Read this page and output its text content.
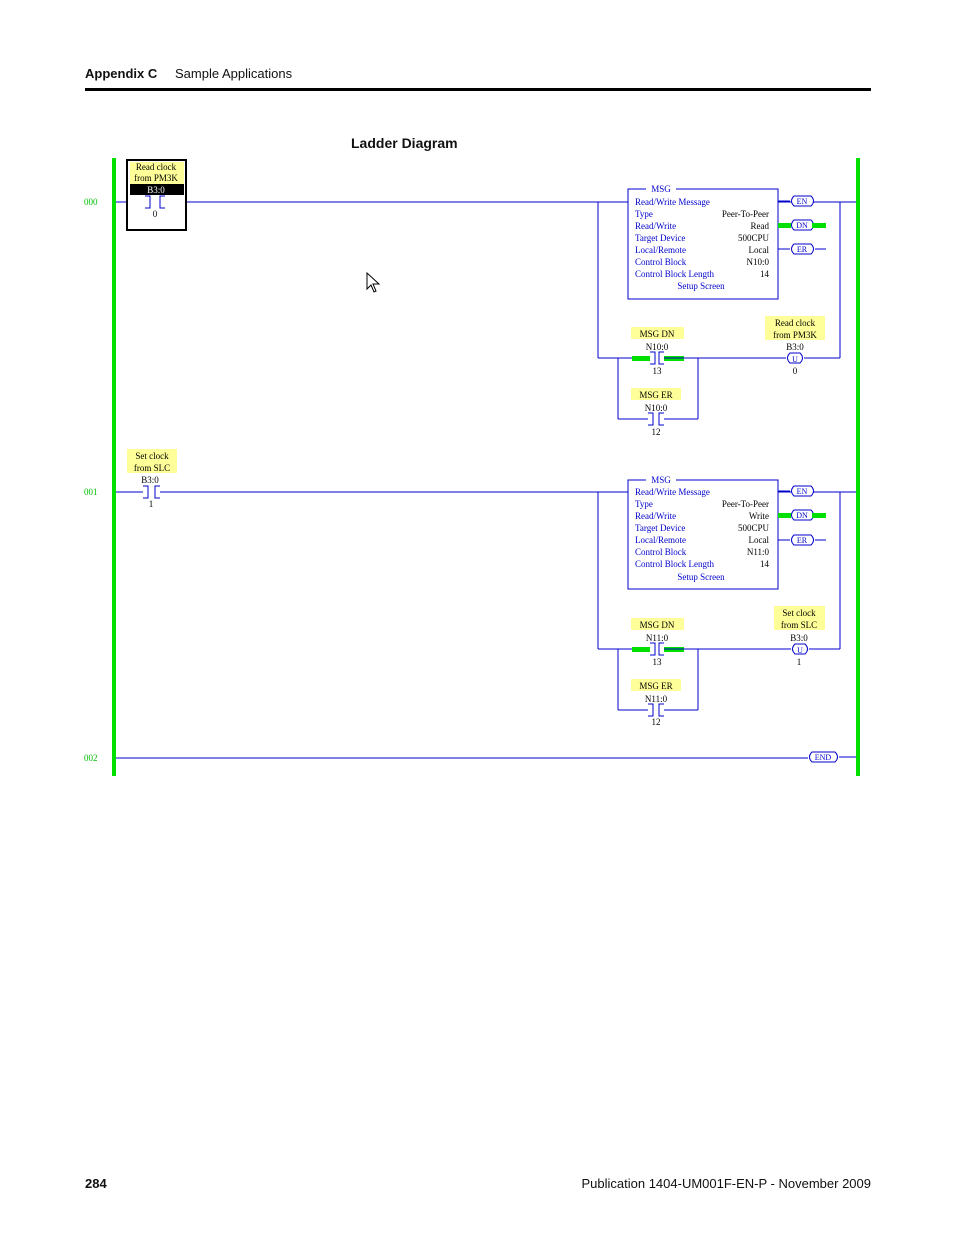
Appendix C Sample Applications
Ladder Diagram
000
Read clock
from PM3K
B3:0
0
MSG
Read/Write Message
Type	Peer-To-Peer
Read/Write	Read
Target Device	500CPU
Local/Remote	Local
Control Block	N10:0
Control Block Length	14
Setup Screen
EN
DN
ER
MSG DN
N10:0
13
MSG ER
N10:0
12
Read clock
from PM3K
B3:0
U
0
001
Set clock
from SLC
B3:0
1
MSG
Read/Write Message
Type	Peer-To-Peer
Read/Write	Write
Target Device	500CPU
Local/Remote	Local
Control Block	N11:0
Control Block Length	14
Setup Screen
EN
DN
ER
MSG DN
N11:0
13
MSG ER
N11:0
12
Set clock
from SLC
B3:0
U
1
002	END
284	Publication 1404-UM001F-EN-P - November 2009
